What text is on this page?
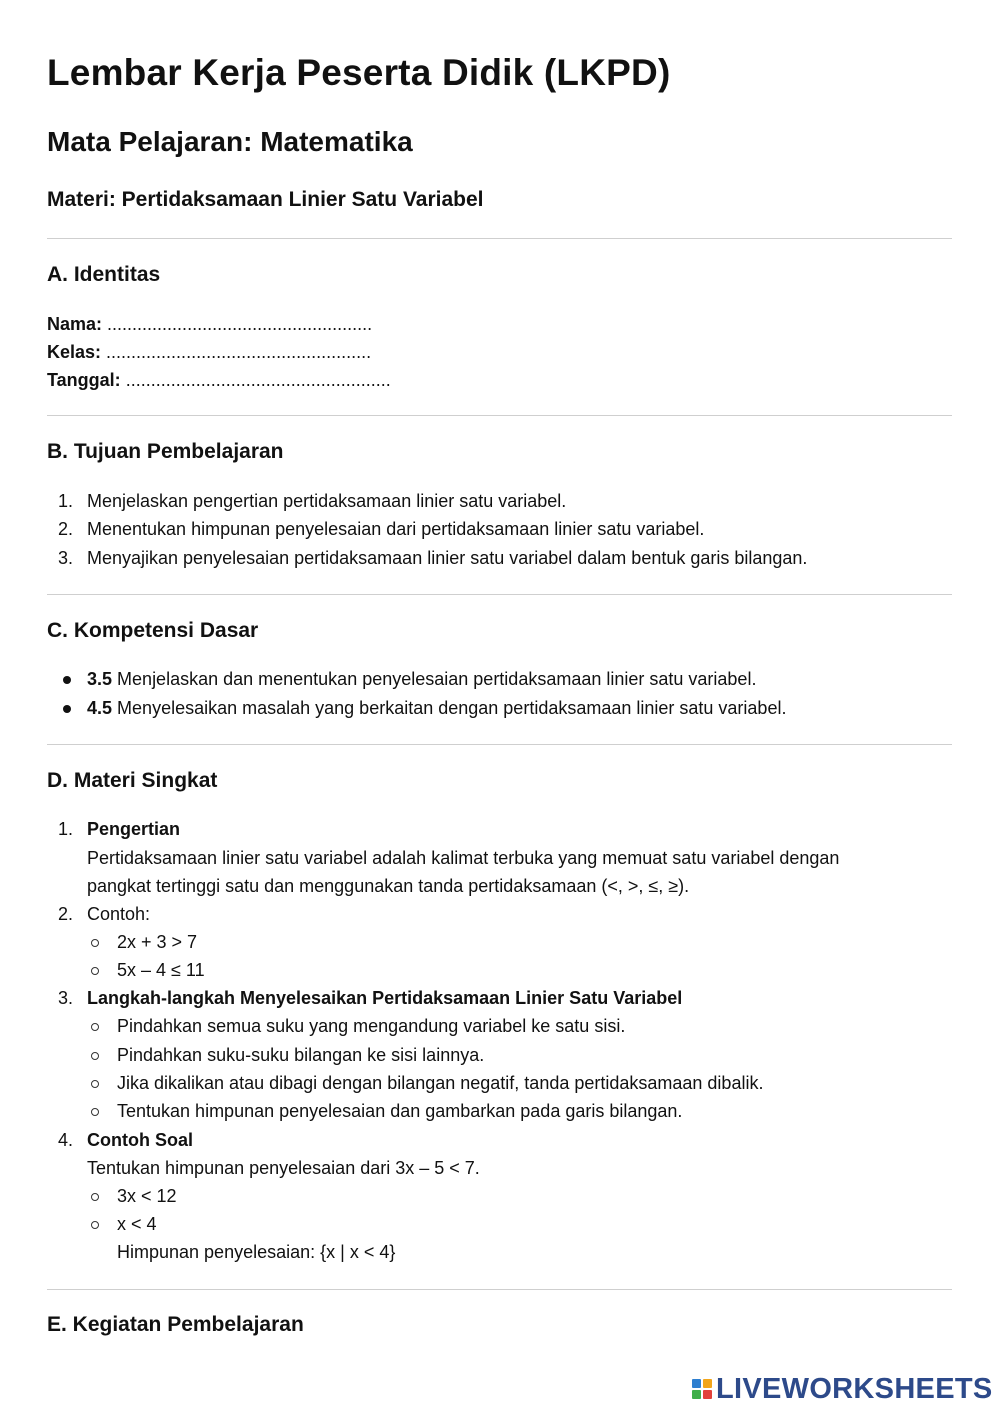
Lembar Kerja Peserta Didik (LKPD)
Mata Pelajaran: Matematika
Materi: Pertidaksamaan Linier Satu Variabel
A. Identitas
Nama: .....................................................
Kelas: .....................................................
Tanggal: .....................................................
B. Tujuan Pembelajaran
1. Menjelaskan pengertian pertidaksamaan linier satu variabel.
2. Menentukan himpunan penyelesaian dari pertidaksamaan linier satu variabel.
3. Menyajikan penyelesaian pertidaksamaan linier satu variabel dalam bentuk garis bilangan.
C. Kompetensi Dasar
3.5 Menjelaskan dan menentukan penyelesaian pertidaksamaan linier satu variabel.
4.5 Menyelesaikan masalah yang berkaitan dengan pertidaksamaan linier satu variabel.
D. Materi Singkat
1. Pengertian
Pertidaksamaan linier satu variabel adalah kalimat terbuka yang memuat satu variabel dengan
pangkat tertinggi satu dan menggunakan tanda pertidaksamaan (<, >, ≤, ≥).
2. Contoh:
2x + 3 > 7
5x – 4 ≤ 11
3. Langkah-langkah Menyelesaikan Pertidaksamaan Linier Satu Variabel
Pindahkan semua suku yang mengandung variabel ke satu sisi.
Pindahkan suku-suku bilangan ke sisi lainnya.
Jika dikalikan atau dibagi dengan bilangan negatif, tanda pertidaksamaan dibalik.
Tentukan himpunan penyelesaian dan gambarkan pada garis bilangan.
4. Contoh Soal
Tentukan himpunan penyelesaian dari 3x – 5 < 7.
3x < 12
x < 4
Himpunan penyelesaian: {x | x < 4}
E. Kegiatan Pembelajaran
LIVEWORKSHEETS
